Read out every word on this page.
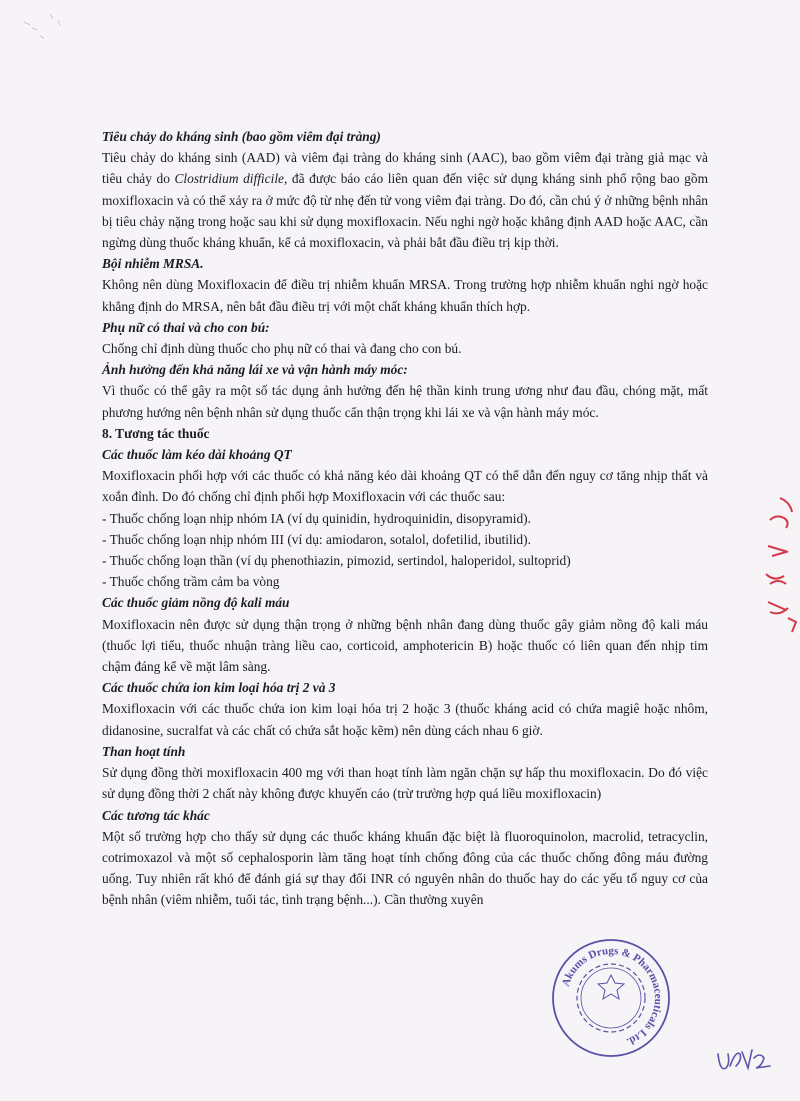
Tiêu chảy do kháng sinh (bao gồm viêm đại tràng)
Tiêu chảy do kháng sinh (AAD) và viêm đại tràng do kháng sinh (AAC), bao gồm viêm đại tràng giả mạc và tiêu chảy do Clostridium difficile, đã được báo cáo liên quan đến việc sử dụng kháng sinh phổ rộng bao gồm moxifloxacin và có thể xảy ra ở mức độ từ nhẹ đến tử vong viêm đại tràng. Do đó, cần chú ý ở những bệnh nhân bị tiêu chảy nặng trong hoặc sau khi sử dụng moxifloxacin. Nếu nghi ngờ hoặc khẳng định AAD hoặc AAC, cần ngừng dùng thuốc kháng khuẩn, kể cả moxifloxacin, và phải bắt đầu điều trị kịp thời.
Bội nhiễm MRSA.
Không nên dùng Moxifloxacin để điều trị nhiễm khuẩn MRSA. Trong trường hợp nhiễm khuẩn nghi ngờ hoặc khẳng định do MRSA, nên bắt đầu điều trị với một chất kháng khuẩn thích hợp.
Phụ nữ có thai và cho con bú:
Chống chỉ định dùng thuốc cho phụ nữ có thai và đang cho con bú.
Ảnh hưởng đến khả năng lái xe và vận hành máy móc:
Vì thuốc có thể gây ra một số tác dụng ảnh hưởng đến hệ thần kinh trung ương như đau đầu, chóng mặt, mất phương hướng nên bệnh nhân sử dụng thuốc cẩn thận trọng khi lái xe và vận hành máy móc.
8. Tương tác thuốc
Các thuốc làm kéo dài khoảng QT
Moxifloxacin phối hợp với các thuốc có khả năng kéo dài khoảng QT có thể dẫn đến nguy cơ tăng nhịp thất và xoắn đỉnh. Do đó chống chỉ định phối hợp Moxifloxacin với các thuốc sau:
- Thuốc chống loạn nhịp nhóm IA (ví dụ quinidin, hydroquinidin, disopyramid).
- Thuốc chống loạn nhịp nhóm III (ví dụ: amiodaron, sotalol, dofetilid, ibutilid).
- Thuốc chống loạn thần (ví dụ phenothiazin, pimozid, sertindol, haloperidol, sultoprid)
- Thuốc chống trầm cảm ba vòng
Các thuốc giảm nồng độ kali máu
Moxifloxacin nên được sử dụng thận trọng ở những bệnh nhân đang dùng thuốc gây giảm nồng độ kali máu (thuốc lợi tiểu, thuốc nhuận tràng liều cao, corticoid, amphotericin B) hoặc thuốc có liên quan đến nhịp tim chậm đáng kể về mặt lâm sàng.
Các thuốc chứa ion kim loại hóa trị 2 và 3
Moxifloxacin với các thuốc chứa ion kim loại hóa trị 2 hoặc 3 (thuốc kháng acid có chứa magiê hoặc nhôm, didanosine, sucralfat và các chất có chứa sắt hoặc kẽm) nên dùng cách nhau 6 giờ.
Than hoạt tính
Sử dụng đồng thời moxifloxacin 400 mg với than hoạt tính làm ngăn chặn sự hấp thu moxifloxacin. Do đó việc sử dụng đồng thời 2 chất này không được khuyến cáo (trừ trường hợp quá liều moxifloxacin)
Các tương tác khác
Một số trường hợp cho thấy sử dụng các thuốc kháng khuẩn đặc biệt là fluoroquinolon, macrolid, tetracyclin, cotrimoxazol và một số cephalosporin làm tăng hoạt tính chống đông của các thuốc chống đông máu đường uống. Tuy nhiên rất khó để đánh giá sự thay đổi INR có nguyên nhân do thuốc hay do các yếu tố nguy cơ của bệnh nhân (viêm nhiễm, tuổi tác, tình trạng bệnh...). Cần thường xuyên
Akums Drugs & Pharmaceuticals Ltd.
